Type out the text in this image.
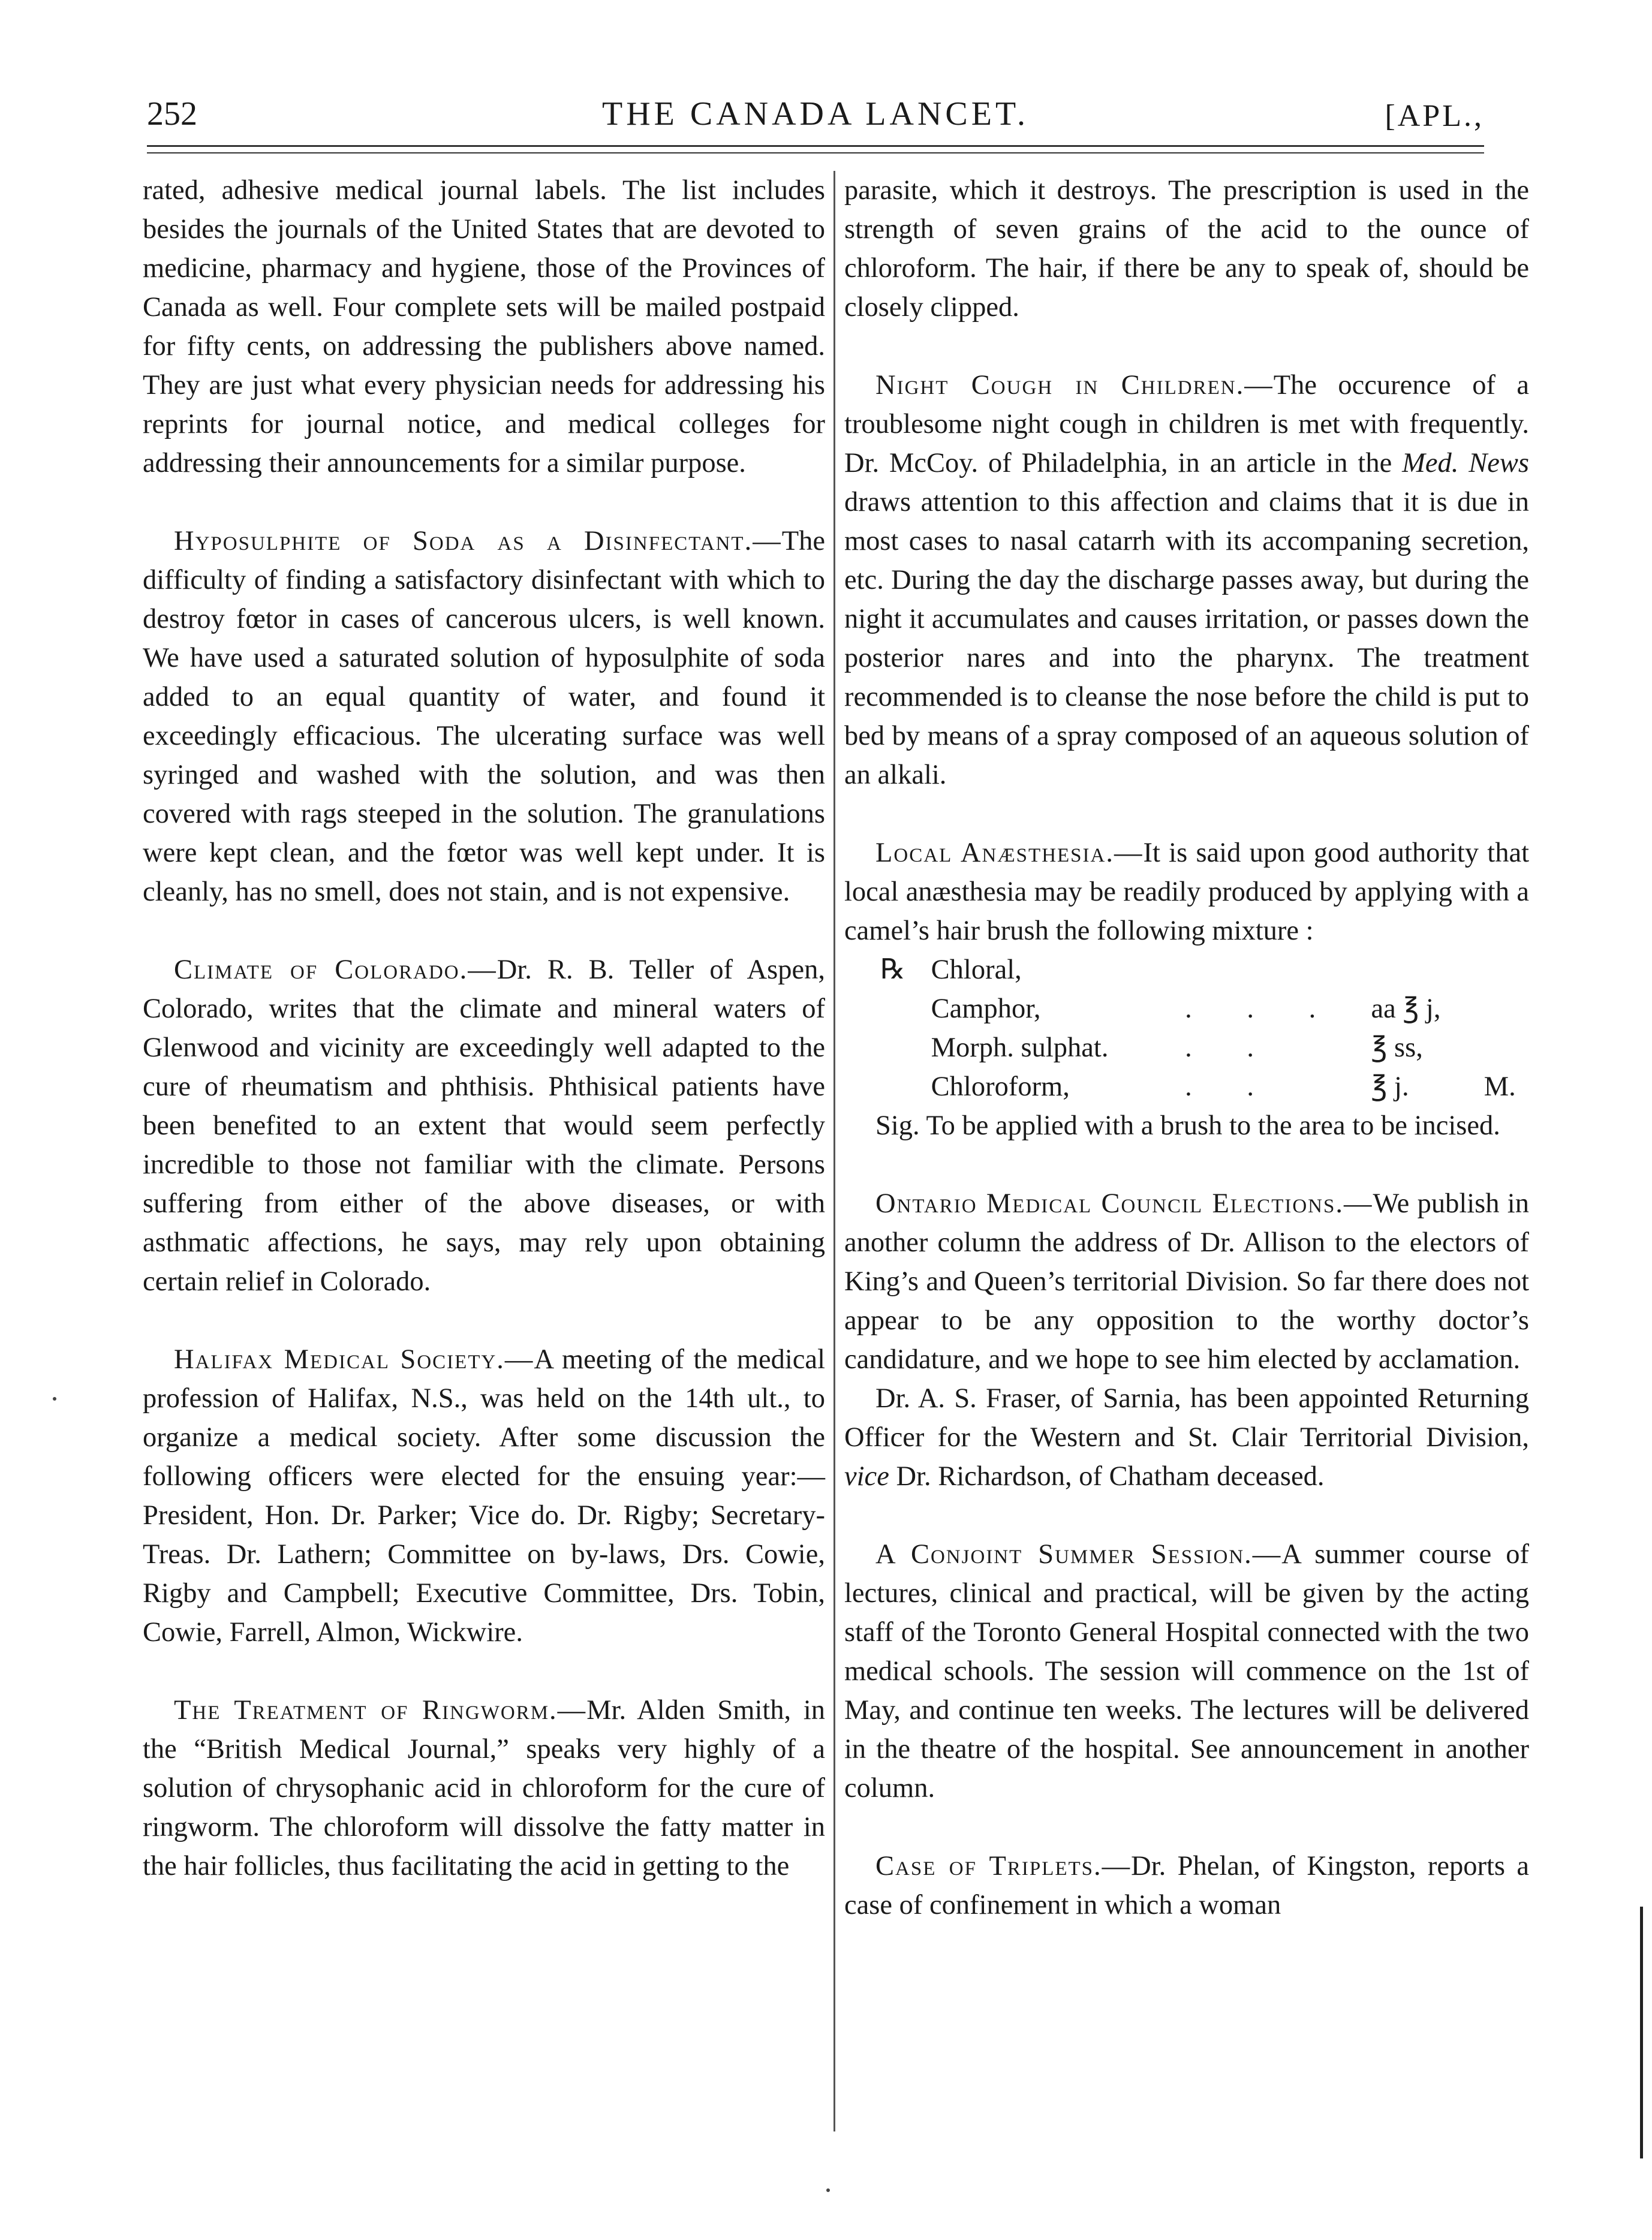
252	THE CANADA LANCET.	[APL.,

rated, adhesive medical journal labels. The list includes besides the journals of the United States that are devoted to medicine, pharmacy and hygiene, those of the Provinces of Canada as well. Four complete sets will be mailed postpaid for fifty cents, on addressing the publishers above named. They are just what every physician needs for addressing his reprints for journal notice, and medical colleges for addressing their announcements for a similar purpose.

Hyposulphite of Soda as a Disinfectant.—The difficulty of finding a satisfactory disinfectant with which to destroy fœtor in cases of cancerous ulcers, is well known. We have used a saturated solution of hyposulphite of soda added to an equal quantity of water, and found it exceedingly efficacious. The ulcerating surface was well syringed and washed with the solution, and was then covered with rags steeped in the solution. The granulations were kept clean, and the fœtor was well kept under. It is cleanly, has no smell, does not stain, and is not expensive.

Climate of Colorado.—Dr. R. B. Teller of Aspen, Colorado, writes that the climate and mineral waters of Glenwood and vicinity are exceedingly well adapted to the cure of rheumatism and phthisis. Phthisical patients have been benefited to an extent that would seem perfectly incredible to those not familiar with the climate. Persons suffering from either of the above diseases, or with asthmatic affections, he says, may rely upon obtaining certain relief in Colorado.

Halifax Medical Society.—A meeting of the medical profession of Halifax, N.S., was held on the 14th ult., to organize a medical society. After some discussion the following officers were elected for the ensuing year:—President, Hon. Dr. Parker; Vice do. Dr. Rigby; Secretary-Treas. Dr. Lathern; Committee on by-laws, Drs. Cowie, Rigby and Campbell; Executive Committee, Drs. Tobin, Cowie, Farrell, Almon, Wickwire.

The Treatment of Ringworm.—Mr. Alden Smith, in the “British Medical Journal,” speaks very highly of a solution of chrysophanic acid in chloroform for the cure of ringworm. The chloroform will dissolve the fatty matter in the hair follicles, thus facilitating the acid in getting to the

parasite, which it destroys. The prescription is used in the strength of seven grains of the acid to the ounce of chloroform. The hair, if there be any to speak of, should be closely clipped.

Night Cough in Children.—The occurence of a troublesome night cough in children is met with frequently. Dr. McCoy. of Philadelphia, in an article in the Med. News draws attention to this affection and claims that it is due in most cases to nasal catarrh with its accompaning secretion, etc. During the day the discharge passes away, but during the night it accumulates and causes irritation, or passes down the posterior nares and into the pharynx. The treatment recommended is to cleanse the nose before the child is put to bed by means of a spray composed of an aqueous solution of an alkali.

Local Anæsthesia.—It is said upon good authority that local anæsthesia may be readily produced by applying with a camel’s hair brush the following mixture :

℞ Chloral,
Camphor,	. . .	aa ℥ j,
Morph. sulphat.	. .	℥ ss,
Chloroform,	. .	℥ j.	M.

Sig. To be applied with a brush to the area to be incised.

Ontario Medical Council Elections.—We publish in another column the address of Dr. Allison to the electors of King’s and Queen’s territorial Division. So far there does not appear to be any opposition to the worthy doctor’s candidature, and we hope to see him elected by acclamation.

Dr. A. S. Fraser, of Sarnia, has been appointed Returning Officer for the Western and St. Clair Territorial Division, vice Dr. Richardson, of Chatham deceased.

A Conjoint Summer Session.—A summer course of lectures, clinical and practical, will be given by the acting staff of the Toronto General Hospital connected with the two medical schools. The session will commence on the 1st of May, and continue ten weeks. The lectures will be delivered in the theatre of the hospital. See announcement in another column.

Case of Triplets.—Dr. Phelan, of Kingston, reports a case of confinement in which a woman
